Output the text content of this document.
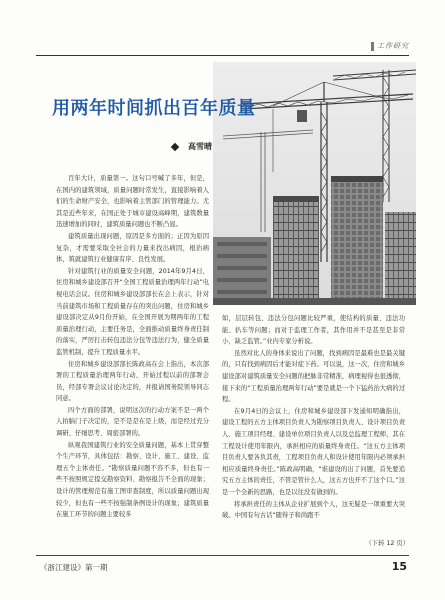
工作研究
用两年时间抓出百年质量
高雪晴

百年大计，质量第一。这句口号喊了多年，但是，在国内的建筑领域，质量问题时常发生，直接影响着人们的生命财产安全，也影响着主管部门的管理能力。尤其是近些年来，在国正处于城市建设高峰期，建筑数量迅速增加的同时，建筑质量问题也不断凸显。

建筑质量出现问题，原因是多方面的；正因为原因复杂，才需要采取全社会的力量来找出病因，根治病体，筑就建筑行业健康有序、良性发展。

针对建筑行业的质量安全问题，2014年9月4日，住房和城乡建设部召开“全国工程质量治理两年行动”电视电话会议。住房和城乡建设部部长在会上表示，针对当前建筑市场和工程质量存在的突出问题，住房和城乡建设部决定从9月份开始，在全国开展为期两年的工程质量治理行动，主要任务是，全面推动质量终身责任制的落实，严厉打击转包违法分包等违法行为，健全质量监管机制，提升工程质量水平。

住房和城乡建设部部长陈政高在会上指出，本次部署的工程质量治理两年行动，开始过程以前的部署会员，经部专署会议讨论决定的，并报请国务院领导同志同意。

四个方面的部署，说明这次的行动方案不是一两个人拍脑门子决定的，是不是是在是上级，而是经过充分调研、仔细思考、周密部署的。

纵观我国建筑行业的安全质量问题，基本上贯穿整个生产环节，具体包括：勘察、设计、施工、建设、监理五个主体责任。“勘察质量问题不容不多，但也有一些不按照规定提交勘察资料、勘察报告不全面的现象；设计的管理规范有施工图审查制度，所以质量问题出现较少，但也有一些不按强制条例设计的现象；建筑质量在施工环节的问题主要较多

如，层层转包、违法分包问题比较严重，使结构的质量、违法功能、扒车等问题；而对于监理工作者，其作用并不是甚至是非常小，缺乏监管。”业内专家分析说。

虽然对比人的身体来说出了问题，找到病因是最难也是最关键的，只有找到病因后才能对症下药。可以说，这一次，住房和城乡建设部对建筑质量安全问题的把脉非常精准，病理视得也很透彻，接下来的“工程质量治理两年行动”要是就是一个下猛药治大病的过程。

在9月4日的会议上，住房和城乡建设部下发通知明确指出，建设工程的五方主体项目负责人为勘察项目负责人、设计项目负责人、施工项目经理、建设单位项目负责人以及总监理工程师，其在工程设计使用年限内，承担相应的质量终身责任。“这五方主体项目负责人要各负其责，工程项目负责人和设计使用年限内必须承担相应质量终身责任。”陈政高明确，“谁建设的出了问题，首先要追究五方主体的责任，不管是管什么人，这五方也开不了这个口。”这是一个全新的思路，也是以往没有做到的。

将承担责任的主体从企业扩展到个人，这无疑是一项重要大突破。中国有句古话“随得子和尚跑不

（下转 12 页）
《浙江建设》第一期	15
